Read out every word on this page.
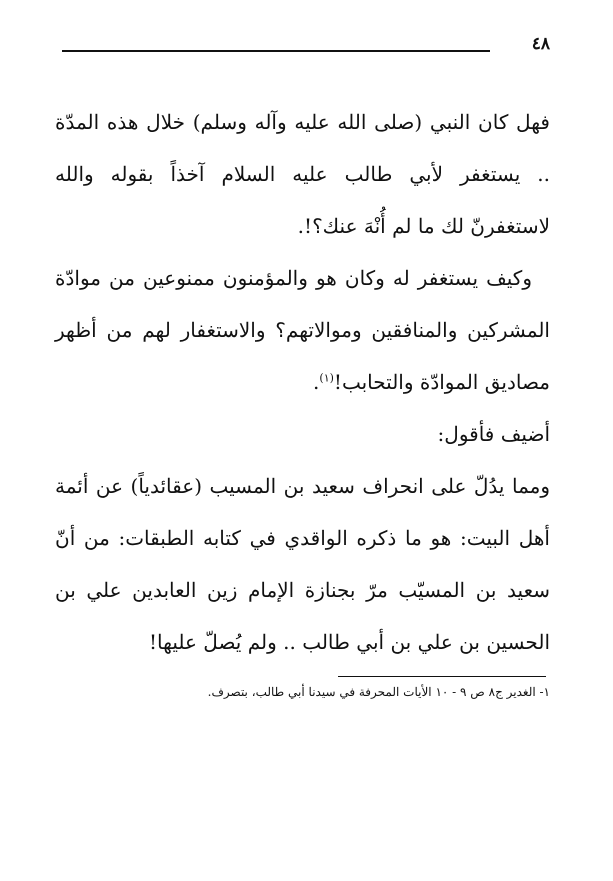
٤٨

فهل كان النبي (صلى الله عليه وآله وسلم) خلال هذه المدّة .. يستغفر لأبي طالب عليه السلام آخذاً بقوله والله لاستغفرنّ لك ما لم أُنْهَ عنك؟!.

وكيف يستغفر له وكان هو والمؤمنون ممنوعين من موادّة المشركين والمنافقين وموالاتهم؟ والاستغفار لهم من أظهر مصاديق الموادّة والتحابب!$^{(١)}$.

أضيف فأقول:

ومما يدُلّ على انحراف سعيد بن المسيب (عقائدياً) عن أئمة أهل البيت: هو ما ذكره الواقدي في كتابه الطبقات: من أنّ سعيد بن المسيّب مرّ بجنازة الإمام زين العابدين علي بن الحسين بن علي بن أبي طالب .. ولم يُصلّ عليها!

١- الغدير ج٨ ص ٩ - ١٠ الأيات المحرفة في سيدنا أبي طالب، بتصرف.
